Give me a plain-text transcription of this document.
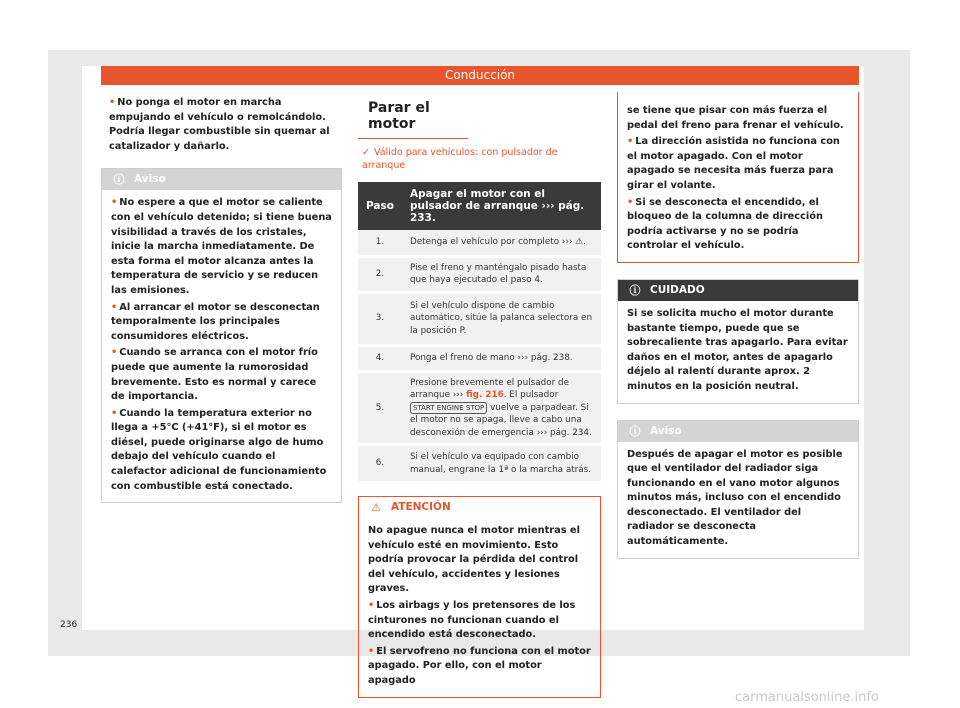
Conducción

• No ponga el motor en marcha empujando el vehículo o remolcándolo. Podría llegar combustible sin quemar al catalizador y dañarlo.

ⓘ Aviso

• No espere a que el motor se caliente con el vehículo detenido; si tiene buena visibilidad a través de los cristales, inicie la marcha inmediatamente. De esta forma el motor alcanza antes la temperatura de servicio y se reducen las emisiones.

• Al arrancar el motor se desconectan temporalmente los principales consumidores eléctricos.

• Cuando se arranca con el motor frío puede que aumente la rumorosidad brevemente. Esto es normal y carece de importancia.

• Cuando la temperatura exterior no llega a +5°C (+41°F), si el motor es diésel, puede originarse algo de humo debajo del vehículo cuando el calefactor adicional de funcionamiento con combustible está conectado.

Parar el motor

✓ Válido para vehículos: con pulsador de arranque

Paso	Apagar el motor con el pulsador de arranque ››› pág. 233.
1.	Detenga el vehículo por completo ››› ⚠.
2.	Pise el freno y manténgalo pisado hasta que haya ejecutado el paso 4.
3.	Si el vehículo dispone de cambio automático, sitúe la palanca selectora en la posición P.
4.	Ponga el freno de mano ››› pág. 238.
5.	Presione brevemente el pulsador de arranque ››› fig. 216. El pulsador START ENGINE STOP vuelve a parpadear. Si el motor no se apaga, lleve a cabo una desconexión de emergencia ››› pág. 234.
6.	Si el vehículo va equipado con cambio manual, engrane la 1ª o la marcha atrás.
⚠ ATENCIÓN

No apague nunca el motor mientras el vehículo esté en movimiento. Esto podría provocar la pérdida del control del vehículo, accidentes y lesiones graves.

• Los airbags y los pretensores de los cinturones no funcionan cuando el encendido está desconectado.

• El servofreno no funciona con el motor apagado. Por ello, con el motor apagado

se tiene que pisar con más fuerza el pedal del freno para frenar el vehículo.

• La dirección asistida no funciona con el motor apagado. Con el motor apagado se necesita más fuerza para girar el volante.

• Si se desconecta el encendido, el bloqueo de la columna de dirección podría activarse y no se podría controlar el vehículo.

ⓘ CUIDADO

Si se solicita mucho el motor durante bastante tiempo, puede que se sobrecaliente tras apagarlo. Para evitar daños en el motor, antes de apagarlo déjelo al ralentí durante aprox. 2 minutos en la posición neutral.

ⓘ Aviso

Después de apagar el motor es posible que el ventilador del radiador siga funcionando en el vano motor algunos minutos más, incluso con el encendido desconectado. El ventilador del radiador se desconecta automáticamente.

236
carmanualsonline.info
